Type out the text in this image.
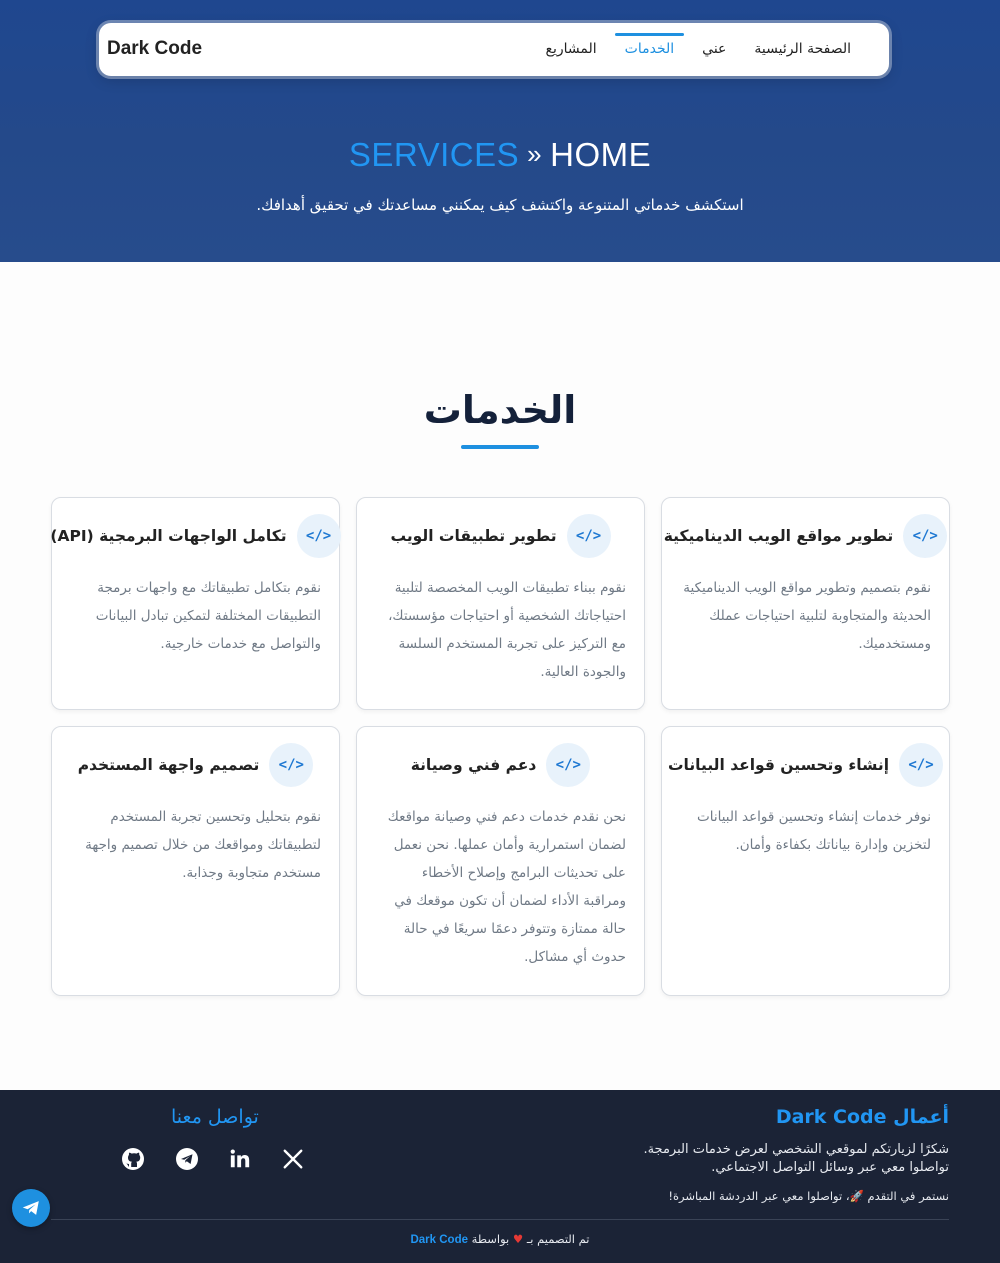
Dark Code	الصفحة الرئيسية
عني
الخدمات
المشاريع
SERVICES » HOME
استكشف خدماتي المتنوعة واكتشف كيف يمكنني مساعدتك في تحقيق أهدافك.
الخدمات
</>
تطوير مواقع الويب الديناميكية
نقوم بتصميم وتطوير مواقع الويب الديناميكية الحديثة والمتجاوبة لتلبية احتياجات عملك ومستخدميك.
</>
تطوير تطبيقات الويب
نقوم ببناء تطبيقات الويب المخصصة لتلبية احتياجاتك الشخصية أو احتياجات مؤسستك، مع التركيز على تجربة المستخدم السلسة والجودة العالية.
</>
تكامل الواجهات البرمجية (API)
نقوم بتكامل تطبيقاتك مع واجهات برمجة التطبيقات المختلفة لتمكين تبادل البيانات والتواصل مع خدمات خارجية.
</>
إنشاء وتحسين قواعد البيانات
نوفر خدمات إنشاء وتحسين قواعد البيانات لتخزين وإدارة بياناتك بكفاءة وأمان.
</>
دعم فني وصيانة
نحن نقدم خدمات دعم فني وصيانة مواقعك لضمان استمرارية وأمان عملها. نحن نعمل على تحديثات البرامج وإصلاح الأخطاء ومراقبة الأداء لضمان أن تكون موقعك في حالة ممتازة وتتوفر دعمًا سريعًا في حالة حدوث أي مشاكل.
</>
تصميم واجهة المستخدم
نقوم بتحليل وتحسين تجربة المستخدم لتطبيقاتك ومواقعك من خلال تصميم واجهة مستخدم متجاوبة وجذابة.
أعمال Dark Code
شكرًا لزيارتكم لموقعي الشخصي لعرض خدمات البرمجة. تواصلوا معي عبر وسائل التواصل الاجتماعي.
نستمر في التقدم 🚀، تواصلوا معي عبر الدردشة المباشرة!
تواصل معنا
تم التصميم بـ ♥ بواسطة Dark Code
